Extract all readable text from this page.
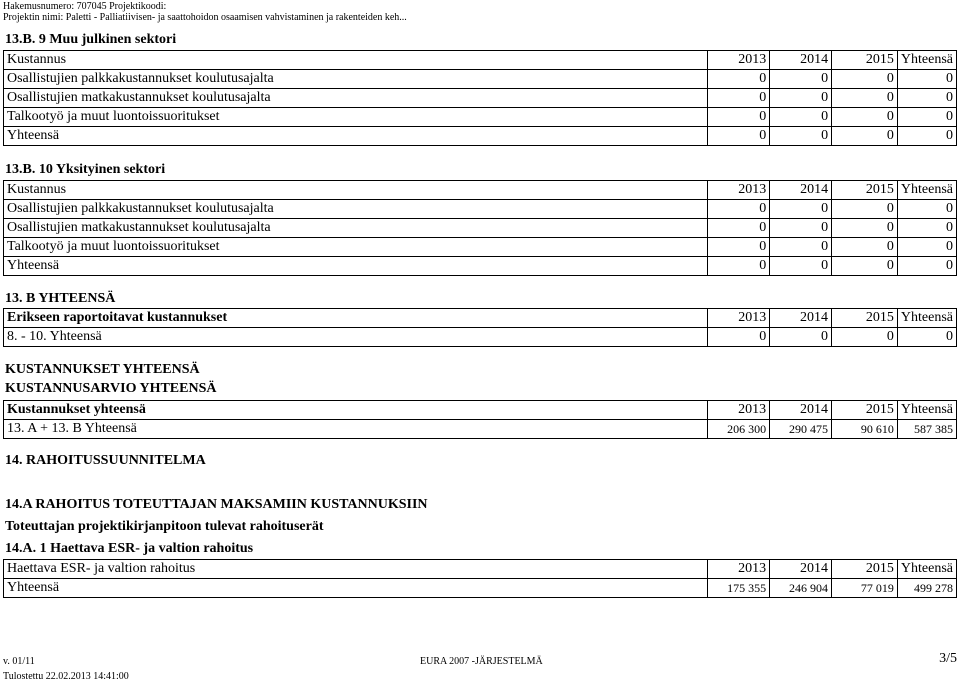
Hakemusnumero: 707045 Projektikoodi:
Projektin nimi: Paletti - Palliatiivisen- ja saattohoidon osaamisen vahvistaminen ja rakenteiden keh...
13.B. 9 Muu julkinen sektori
Kustannus	2013	2014	2015	Yhteensä
Osallistujien palkkakustannukset koulutusajalta	0	0	0	0
Osallistujien matkakustannukset koulutusajalta	0	0	0	0
Talkootyö ja muut luontoissuoritukset	0	0	0	0
Yhteensä	0	0	0	0
13.B. 10 Yksityinen sektori
Kustannus	2013	2014	2015	Yhteensä
Osallistujien palkkakustannukset koulutusajalta	0	0	0	0
Osallistujien matkakustannukset koulutusajalta	0	0	0	0
Talkootyö ja muut luontoissuoritukset	0	0	0	0
Yhteensä	0	0	0	0
13. B YHTEENSÄ
Erikseen raportoitavat kustannukset	2013	2014	2015	Yhteensä
8. - 10. Yhteensä	0	0	0	0
KUSTANNUKSET YHTEENSÄ
KUSTANNUSARVIO YHTEENSÄ
Kustannukset yhteensä	2013	2014	2015	Yhteensä
13. A + 13. B Yhteensä	206 300	290 475	90 610	587 385
14. RAHOITUSSUUNNITELMA
14.A RAHOITUS TOTEUTTAJAN MAKSAMIIN KUSTANNUKSIIN
Toteuttajan projektikirjanpitoon tulevat rahoituserät
14.A. 1 Haettava ESR- ja valtion rahoitus
Haettava ESR- ja valtion rahoitus	2013	2014	2015	Yhteensä
Yhteensä	175 355	246 904	77 019	499 278
v. 01/11	EURA 2007 -JÄRJESTELMÄ	3/5
Tulostettu 22.02.2013 14:41:00
